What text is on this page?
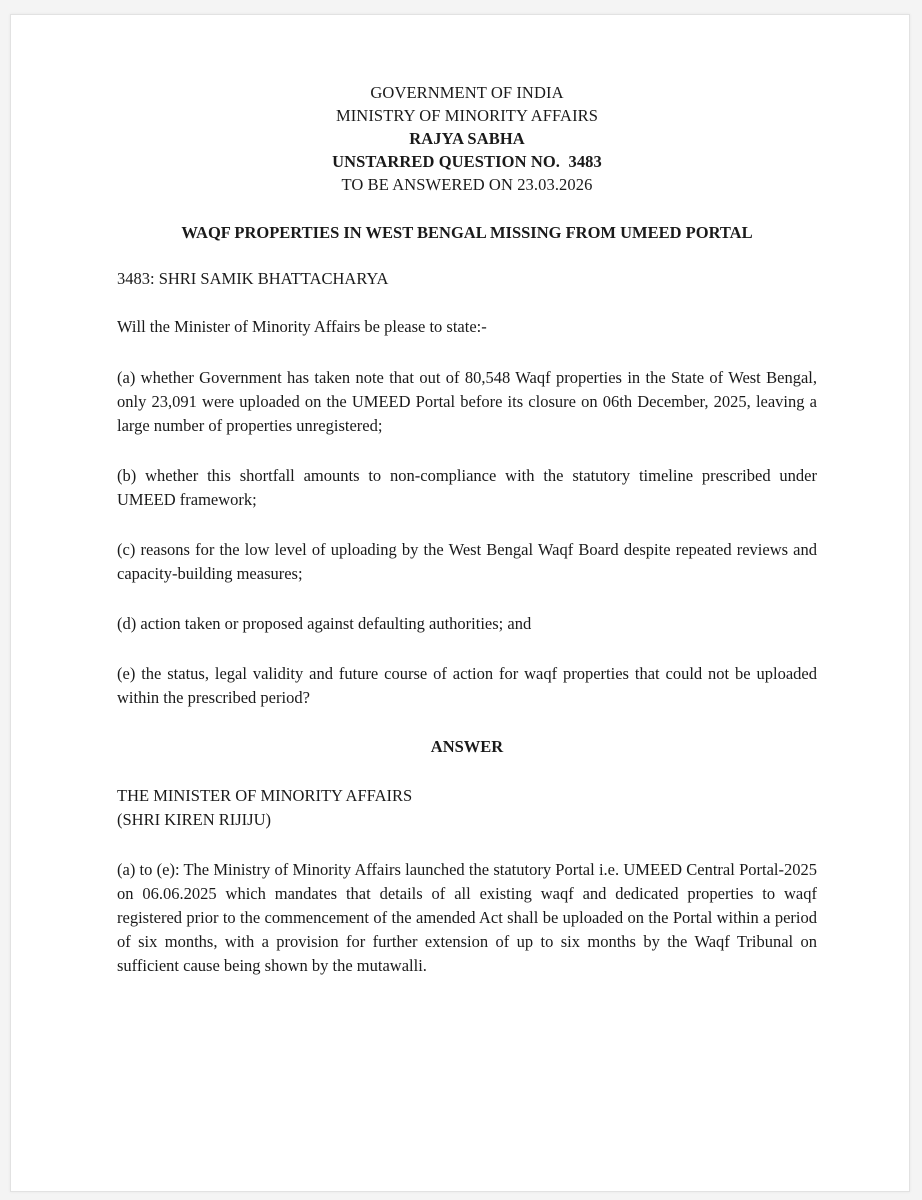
GOVERNMENT OF INDIA
MINISTRY OF MINORITY AFFAIRS
RAJYA SABHA
UNSTARRED QUESTION NO.  3483
TO BE ANSWERED ON 23.03.2026
WAQF PROPERTIES IN WEST BENGAL MISSING FROM UMEED PORTAL
3483: SHRI SAMIK BHATTACHARYA
Will the Minister of Minority Affairs be please to state:-
(a) whether Government has taken note that out of 80,548 Waqf properties in the State of West Bengal, only 23,091 were uploaded on the UMEED Portal before its closure on 06th December, 2025, leaving a large number of properties unregistered;
(b) whether this shortfall amounts to non-compliance with the statutory timeline prescribed under UMEED framework;
(c) reasons for the low level of uploading by the West Bengal Waqf Board despite repeated reviews and capacity-building measures;
(d) action taken or proposed against defaulting authorities; and
(e) the status, legal validity and future course of action for waqf properties that could not be uploaded within the prescribed period?
ANSWER
THE MINISTER OF MINORITY AFFAIRS
(SHRI KIREN RIJIJU)
(a) to (e): The Ministry of Minority Affairs launched the statutory Portal i.e. UMEED Central Portal-2025 on 06.06.2025 which mandates that details of all existing waqf and dedicated properties to waqf registered prior to the commencement of the amended Act shall be uploaded on the Portal within a period of six months, with a provision for further extension of up to six months by the Waqf Tribunal on sufficient cause being shown by the mutawalli.
